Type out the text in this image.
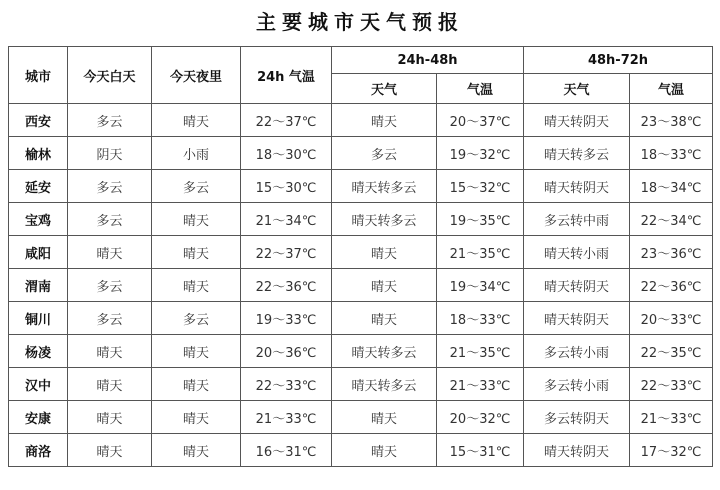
主要城市天气预报
城市	今天白天	今天夜里	24h 气温	24h-48h		48h-72h	
				天气	气温	天气	气温
西安	多云	晴天	22～37℃	晴天	20～37℃	晴天转阴天	23～38℃
榆林	阴天	小雨	18～30℃	多云	19～32℃	晴天转多云	18～33℃
延安	多云	多云	15～30℃	晴天转多云	15～32℃	晴天转阴天	18～34℃
宝鸡	多云	晴天	21～34℃	晴天转多云	19～35℃	多云转中雨	22～34℃
咸阳	晴天	晴天	22～37℃	晴天	21～35℃	晴天转小雨	23～36℃
渭南	多云	晴天	22～36℃	晴天	19～34℃	晴天转阴天	22～36℃
铜川	多云	多云	19～33℃	晴天	18～33℃	晴天转阴天	20～33℃
杨凌	晴天	晴天	20～36℃	晴天转多云	21～35℃	多云转小雨	22～35℃
汉中	晴天	晴天	22～33℃	晴天转多云	21～33℃	多云转小雨	22～33℃
安康	晴天	晴天	21～33℃	晴天	20～32℃	多云转阴天	21～33℃
商洛	晴天	晴天	16～31℃	晴天	15～31℃	晴天转阴天	17～32℃
